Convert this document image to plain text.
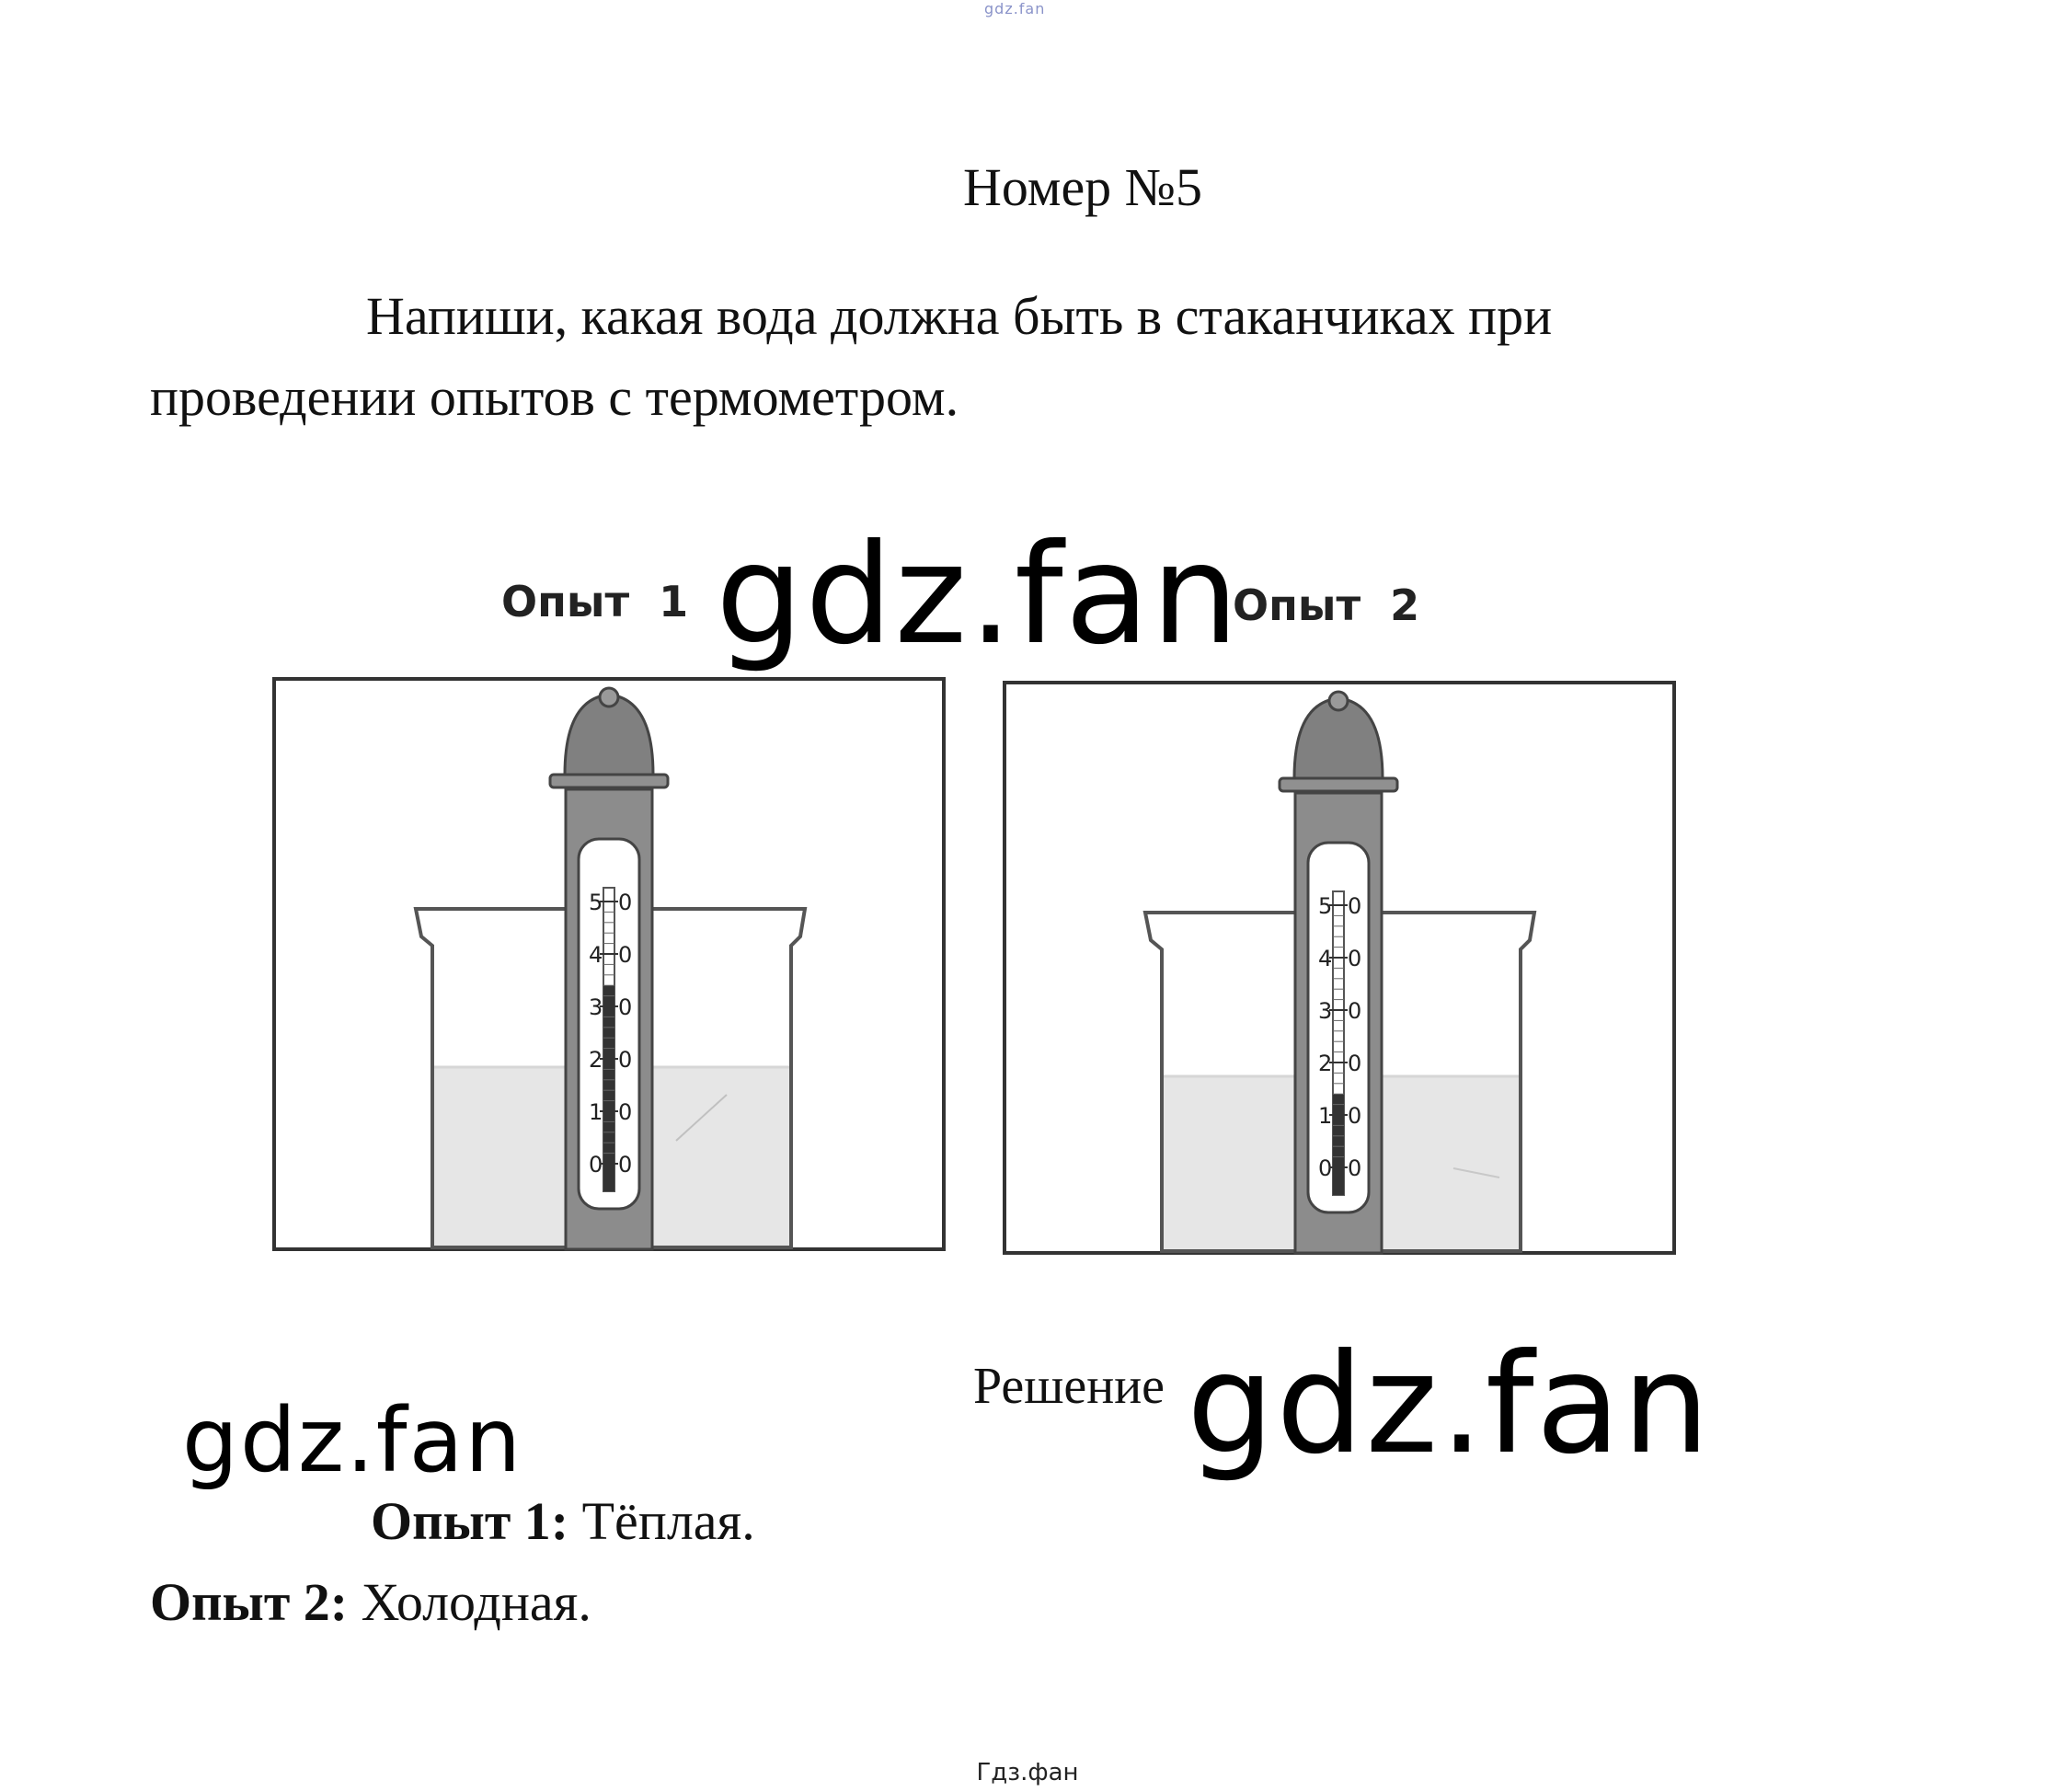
gdz.fan
Номер №5
Напиши, какая вода должна быть в стаканчиках при
проведении опытов с термометром.
Опыт  1	Опыт  2
5 0
4 0
3 0
2 0
1 0
0 0
5 0
4 0
3 0
2 0
1 0
0 0
gdz.fan
gdz.fan
Решение gdz.fan
Опыт 1: Тёплая.
Опыт 2: Холодная.
Гдз.фан
